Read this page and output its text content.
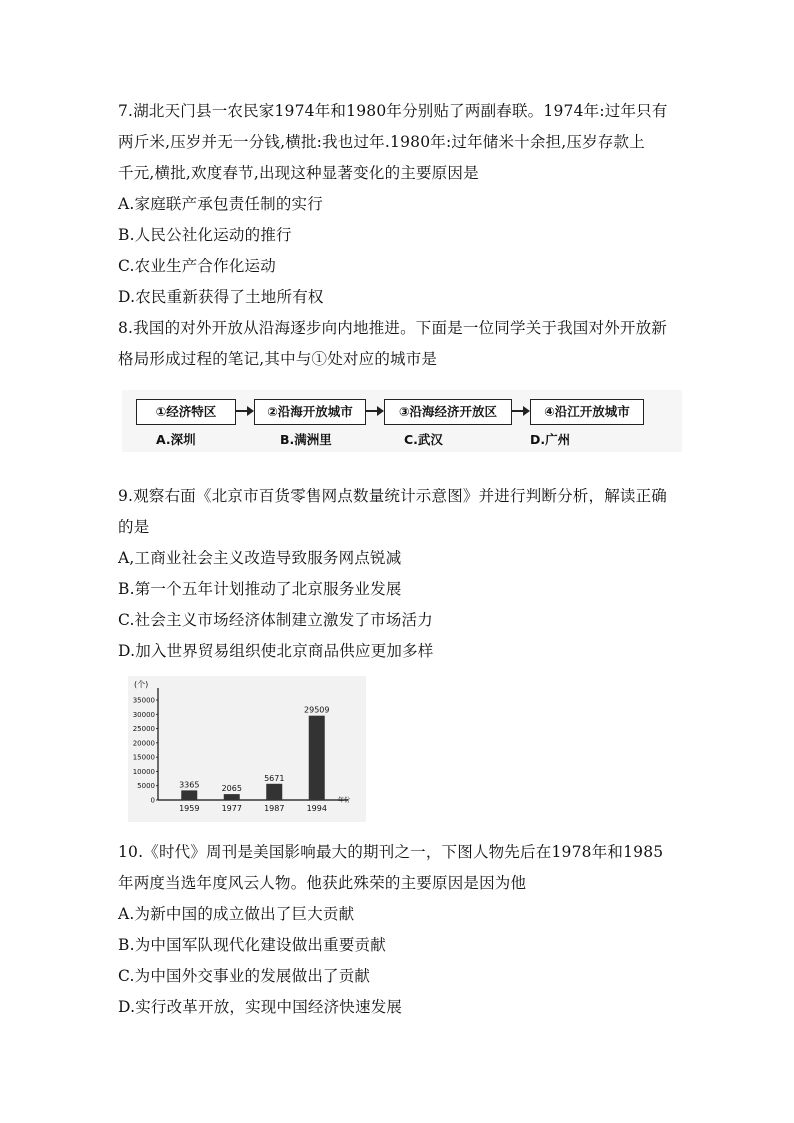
7.湖北天门县一农民家1974年和1980年分别贴了两副春联。1974年:过年只有
两斤米,压岁并无一分钱,横批:我也过年.1980年:过年储米十余担,压岁存款上
千元,横批,欢度春节,出现这种显著变化的主要原因是
A.家庭联产承包责任制的实行
B.人民公社化运动的推行
C.农业生产合作化运动
D.农民重新获得了土地所有权
8.我国的对外开放从沿海逐步向内地推进。下面是一位同学关于我国对外开放新
格局形成过程的笔记,其中与①处对应的城市是
①经济特区	②沿海开放城市	③沿海经济开放区	④沿江开放城市
A.深圳	B.满洲里	C.武汉	D.广州
9.观察右面《北京市百货零售网点数量统计示意图》并进行判断分析，解读正确
的是
A,工商业社会主义改造导致服务网点锐减
B.第一个五年计划推动了北京服务业发展
C.社会主义市场经济体制建立激发了市场活力
D.加入世界贸易组织使北京商品供应更加多样
(个)
年份
0
5000
10000
15000
20000
25000
30000
35000
3365
1959
2065
1977
5671
1987
29509
1994
10.《时代》周刊是美国影响最大的期刊之一，下图人物先后在1978年和1985
年两度当选年度风云人物。他获此殊荣的主要原因是因为他
A.为新中国的成立做出了巨大贡献
B.为中国军队现代化建设做出重要贡献
C.为中国外交事业的发展做出了贡献
D.实行改革开放，实现中国经济快速发展
